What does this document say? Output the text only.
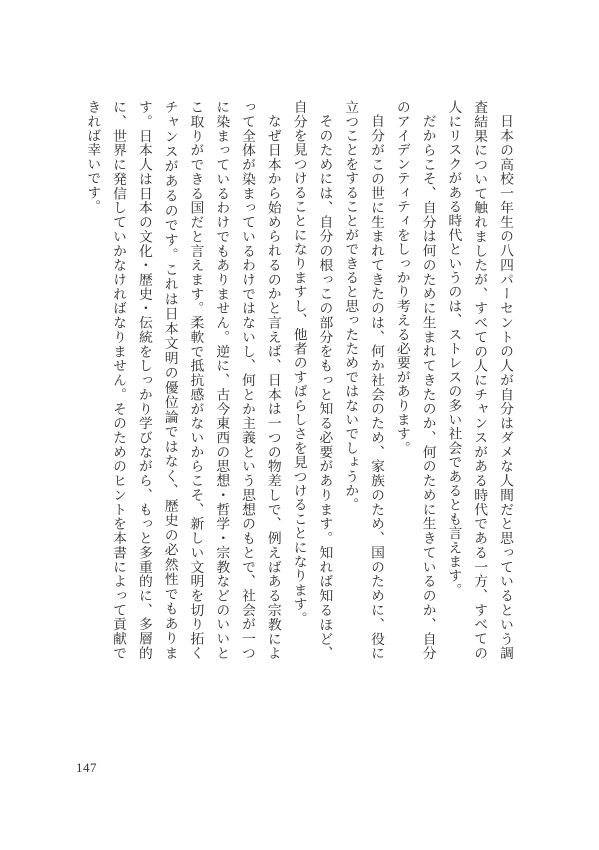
日本の高校一年生の八四パーセントの人が自分はダメな人間だと思っているという調査結果について触れましたが、すべての人にチャンスがある時代である一方、すべての人にリスクがある時代というのは、ストレスの多い社会であるとも言えます。

だからこそ、自分は何のために生まれてきたのか、何のために生きているのか、自分のアイデンティティをしっかり考える必要があります。

自分がこの世に生まれてきたのは、何か社会のため、家族のため、国のために、役に立つことをすることができると思ったためではないでしょうか。

そのためには、自分の根っこの部分をもっと知る必要があります。知れば知るほど、自分を見つけることになりますし、他者のすばらしさを見つけることになります。

なぜ日本から始められるのかと言えば、日本は一つの物差しで、例えばある宗教によって全体が染まっているわけではないし、何とか主義という思想のもとで、社会が一つに染まっているわけでもありません。逆に、古今東西の思想・哲学・宗教などのいいとこ取りができる国だと言えます。柔軟で抵抗感がないからこそ、新しい文明を切り拓くチャンスがあるのです。これは日本文明の優位論ではなく、歴史の必然性でもあります。日本人は日本の文化・歴史・伝統をしっかり学びながら、もっと多重的に、多層的に、世界に発信していかなければなりません。そのためのヒントを本書によって貢献できれば幸いです。

147
